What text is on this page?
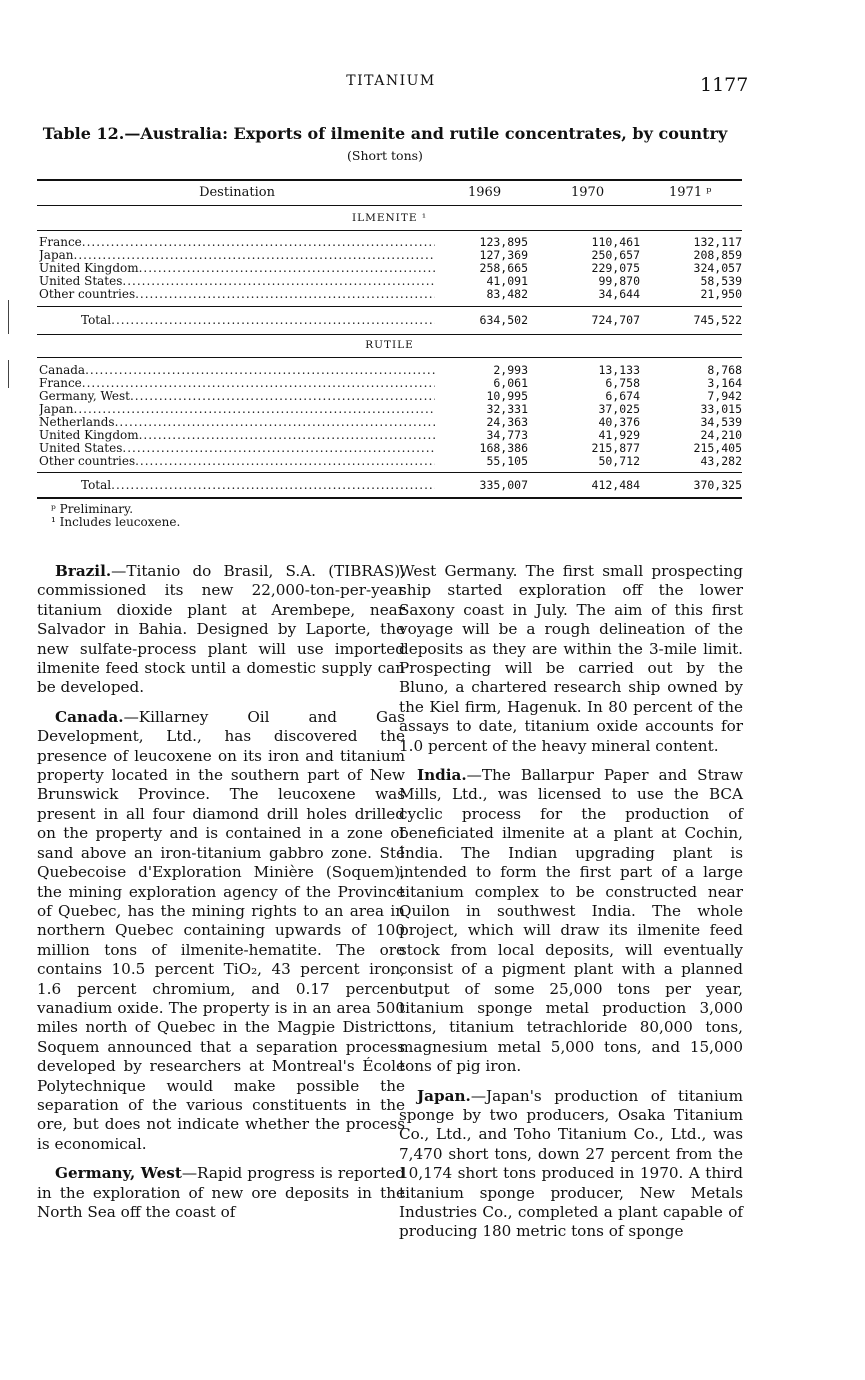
TITANIUM	1177
Table 12.—Australia: Exports of ilmenite and rutile concentrates, by country
(Short tons)
Destination	1969	1970	1971 ᵖ
ILMENITE ¹
France .....	123,895	110,461	132,117
Japan .....	127,369	250,657	208,859
United Kingdom .....	258,665	229,075	324,057
United States .....	41,091	99,870	58,539
Other countries .....	83,482	34,644	21,950
Total .....	634,502	724,707	745,522
RUTILE
Canada .....	2,993	13,133	8,768
France .....	6,061	6,758	3,164
Germany, West .....	10,995	6,674	7,942
Japan .....	32,331	37,025	33,015
Netherlands .....	24,363	40,376	34,539
United Kingdom .....	34,773	41,929	24,210
United States .....	168,386	215,877	215,405
Other countries .....	55,105	50,712	43,282
Total .....	335,007	412,484	370,325
ᵖ Preliminary.
¹ Includes leucoxene.

Brazil.—Titanio do Brasil, S.A. (TIBRAS), commissioned its new 22,000-ton-per-year titanium dioxide plant at Arembepe, near Salvador in Bahia. Designed by Laporte, the new sulfate-process plant will use imported ilmenite feed stock until a domestic supply can be developed.

Canada.—Killarney Oil and Gas Development, Ltd., has discovered the presence of leucoxene on its iron and titanium property located in the southern part of New Brunswick Province. The leucoxene was present in all four diamond drill holes drilled on the property and is contained in a zone of sand above an iron-titanium gabbro zone. Sté Quebecoise d'Exploration Minière (Soquem), the mining exploration agency of the Province of Quebec, has the mining rights to an area in northern Quebec containing upwards of 100 million tons of ilmenite-hematite. The ore contains 10.5 percent TiO₂, 43 percent iron, 1.6 percent chromium, and 0.17 percent vanadium oxide. The property is in an area 500 miles north of Quebec in the Magpie District. Soquem announced that a separation process developed by researchers at Montreal's École Polytechnique would make possible the separation of the various constituents in the ore, but does not indicate whether the process is economical.

Germany, West—Rapid progress is reported in the exploration of new ore deposits in the North Sea off the coast of

West Germany. The first small prospecting ship started exploration off the lower Saxony coast in July. The aim of this first voyage will be a rough delineation of the deposits as they are within the 3-mile limit. Prospecting will be carried out by the Bluno, a chartered research ship owned by the Kiel firm, Hagenuk. In 80 percent of the assays to date, titanium oxide accounts for 1.0 percent of the heavy mineral content.

India.—The Ballarpur Paper and Straw Mills, Ltd., was licensed to use the BCA cyclic process for the production of beneficiated ilmenite at a plant at Cochin, India. The Indian upgrading plant is intended to form the first part of a large titanium complex to be constructed near Quilon in southwest India. The whole project, which will draw its ilmenite feed stock from local deposits, will eventually consist of a pigment plant with a planned output of some 25,000 tons per year, titanium sponge metal production 3,000 tons, titanium tetrachloride 80,000 tons, magnesium metal 5,000 tons, and 15,000 tons of pig iron.

Japan.—Japan's production of titanium sponge by two producers, Osaka Titanium Co., Ltd., and Toho Titanium Co., Ltd., was 7,470 short tons, down 27 percent from the 10,174 short tons produced in 1970. A third titanium sponge producer, New Metals Industries Co., completed a plant capable of producing 180 metric tons of sponge
